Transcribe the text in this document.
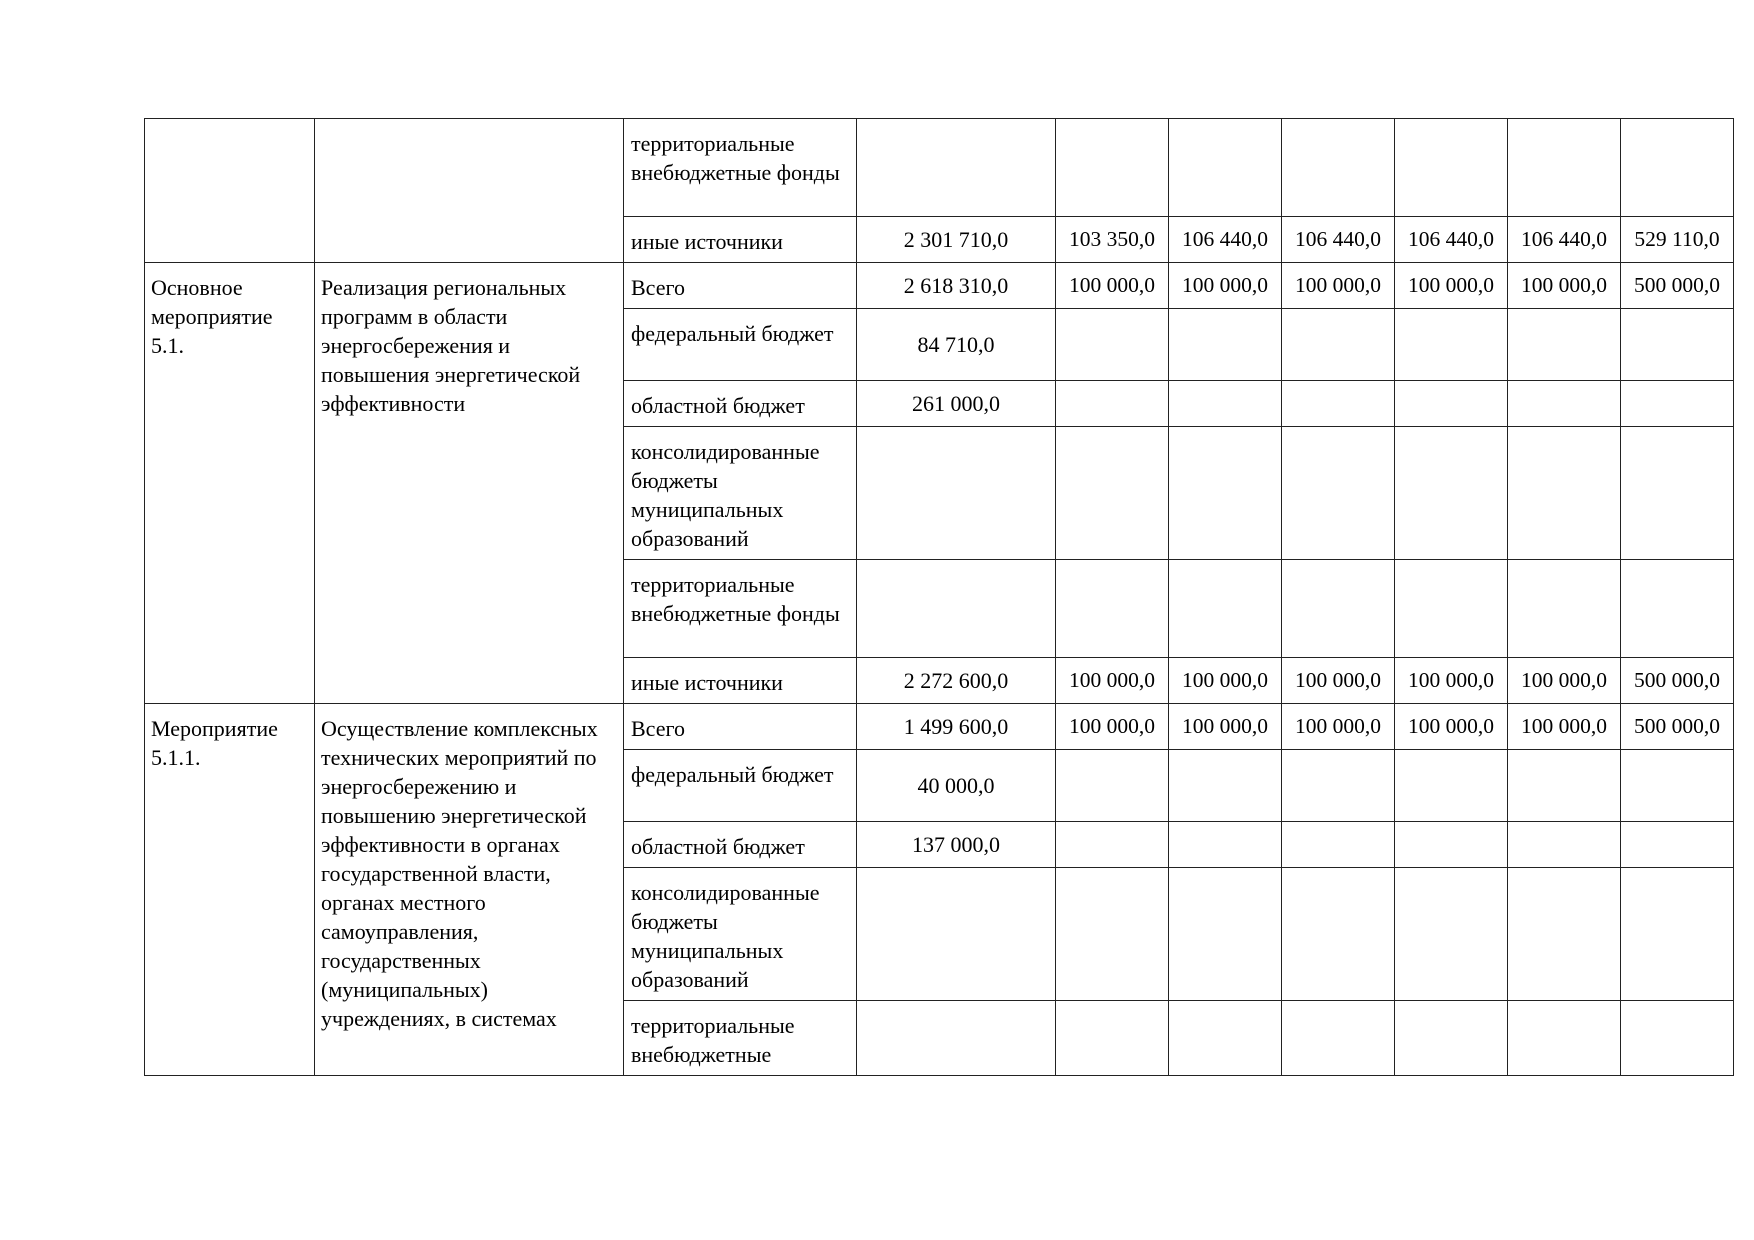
		территориальные внебюджетные фонды							
		иные источники	2 301 710,0	103 350,0	106 440,0	106 440,0	106 440,0	106 440,0	529 110,0
Основное мероприятие 5.1.	Реализация региональных программ в области энергосбережения и повышения энергетической эффективности	Всего	2 618 310,0	100 000,0	100 000,0	100 000,0	100 000,0	100 000,0	500 000,0
		федеральный бюджет	84 710,0						
		областной бюджет	261 000,0						
		консолидированные бюджеты муниципальных образований							
		территориальные внебюджетные фонды							
		иные источники	2 272 600,0	100 000,0	100 000,0	100 000,0	100 000,0	100 000,0	500 000,0
Мероприятие 5.1.1.	Осуществление комплексных технических мероприятий по энергосбережению и повышению энергетической эффективности в органах государственной власти, органах местного самоуправления, государственных (муниципальных) учреждениях, в системах	Всего	1 499 600,0	100 000,0	100 000,0	100 000,0	100 000,0	100 000,0	500 000,0
		федеральный бюджет	40 000,0						
		областной бюджет	137 000,0						
		консолидированные бюджеты муниципальных образований							
		территориальные внебюджетные							
